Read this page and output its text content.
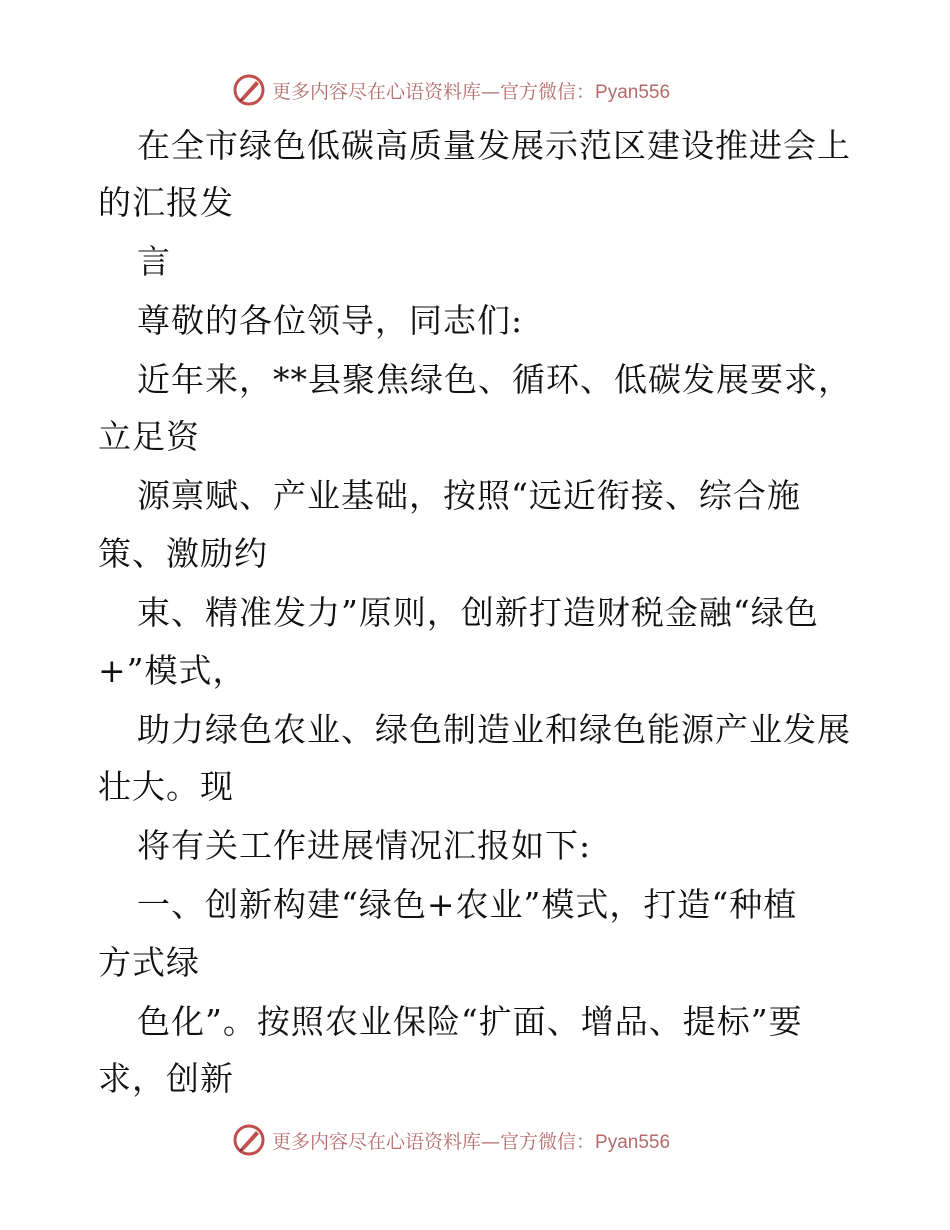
更多内容尽在心语资料库—官方微信：Pyan556
在全市绿色低碳高质量发展示范区建设推进会上
的汇报发
言
尊敬的各位领导，同志们:
近年来，**县聚焦绿色、循环、低碳发展要求，
立足资
源禀赋、产业基础，按照“远近衔接、综合施
策、激励约
束、精准发力”原则，创新打造财税金融“绿色
+”模式，
助力绿色农业、绿色制造业和绿色能源产业发展
壮大。现
将有关工作进展情况汇报如下:
一、创新构建“绿色+农业”模式，打造“种植
方式绿
色化”。按照农业保险“扩面、增品、提标”要
求，创新
更多内容尽在心语资料库—官方微信：Pyan556
